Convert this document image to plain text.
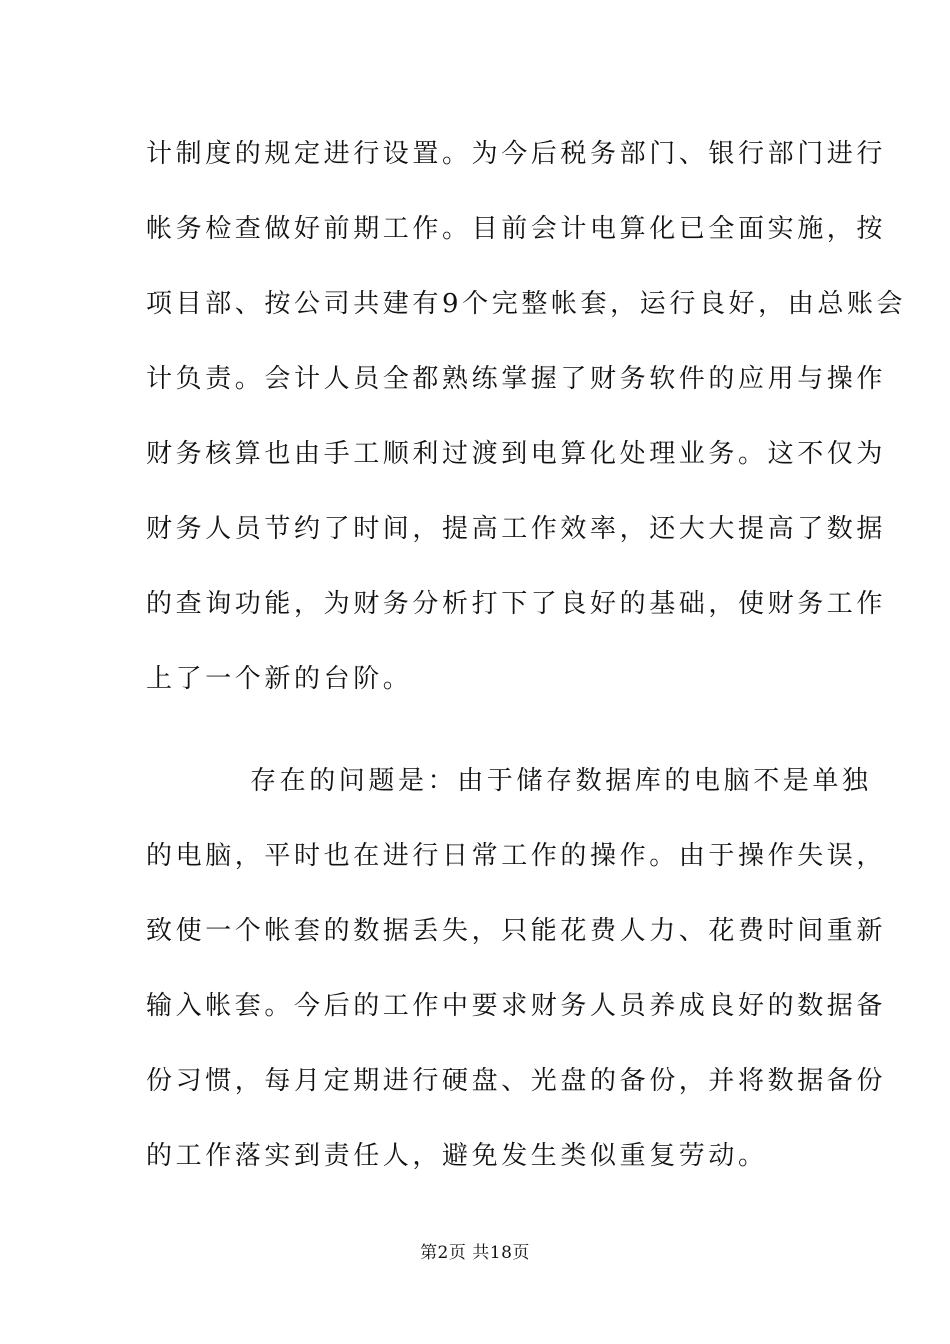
计制度的规定进行设置。为今后税务部门、银行部门进行
帐务检查做好前期工作。目前会计电算化已全面实施，按
项目部、按公司共建有9个完整帐套，运行良好，由总账会
计负责。会计人员全都熟练掌握了财务软件的应用与操作
财务核算也由手工顺利过渡到电算化处理业务。这不仅为
财务人员节约了时间，提高工作效率，还大大提高了数据
的查询功能，为财务分析打下了良好的基础，使财务工作
上了一个新的台阶。
存在的问题是：由于储存数据库的电脑不是单独
的电脑，平时也在进行日常工作的操作。由于操作失误，
致使一个帐套的数据丢失，只能花费人力、花费时间重新
输入帐套。今后的工作中要求财务人员养成良好的数据备
份习惯，每月定期进行硬盘、光盘的备份，并将数据备份
的工作落实到责任人，避免发生类似重复劳动。
第2页 共18页
